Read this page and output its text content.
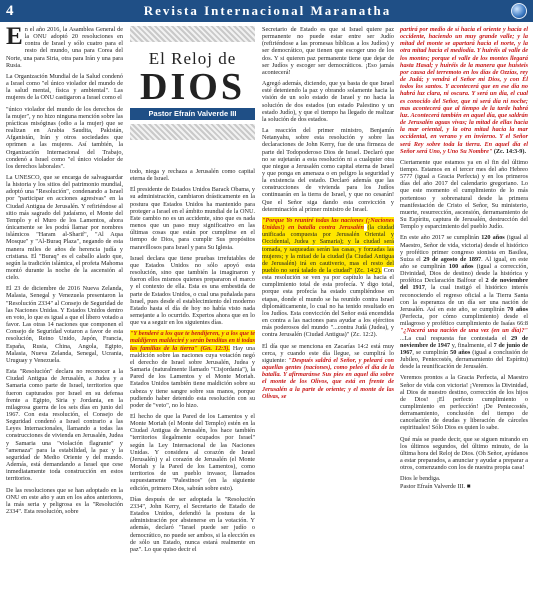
4	Revista Internacional Maranatha

En el año 2016, la Asamblea General de la ONU adoptó 20 resoluciones en contra de Israel y sólo cuatro para el resto del mundo, una para Corea del Norte, una para Siria, otra para Irán y una para Rusia.

La Organización Mundial de la Salud condenó a Israel como "el único violador del mundo de la salud mental, física y ambiental". Las mujeres de la ONU castigaron a Israel como el

"único violador del mundo de los derechos de la mujer", y no hizo ninguna mención sobre las prácticas misóginas (odio a la mujer) que se realizan en Arabia Saudita, Pakistán, Afganistán, Irán y otros sociedades que oprimen a las mujeres. Así también, la Organización Internacional del Trabajo, condenó a Israel como "el único violador de los derechos laborales".

La UNESCO, que se encarga de salvaguardar la historia y los sitios del patrimonio mundial, adoptó una "Resolución", condenando a Israel por "participar en acciones agresivas" en la Ciudad Antigua de Jerusalén. Y refiriéndose al sitio más sagrado del judaísmo, el Monte del Templo y el Muro de los Lamentos, ahora únicamente se les podrá llamar por nombres islámicos "Haram al-Sharif", "Al Aqsa Mosque" y "Al-Buraq Plaza", negando de esta manera miles de años de herencia judía y cristiana. El "Buraq" es el caballo alado que, según la tradición islámica, el profeta Mahoma montó durante la noche de la ascensión al cielo.

El 23 de diciembre de 2016 Nueva Zelanda, Malasia, Senegal y Venezuela presentaron la "Resolución 2334" al Consejo de Seguridad de las Naciones Unidas. Y Estados Unidos dentro en voto, lo que es igual a que el líbero votado a favor. Las otras 14 naciones que componen el Consejo de Seguridad votaron a favor de esta resolución, Reino Unido, Japón, Francia, España, Rusia, China, Angola, Egipto, Malasia, Nueva Zelanda, Senegal, Ucrania, Uruguay y Venezuela.

Esta "Resolución" declara no reconocer a la Ciudad Antigua de Jerusalén, a Judea y a Samaria como parte de Israel, territorios que fueron capturados por Israel en su defensa frente a Egipto, Siria y Jordania, en la milagrosa guerra de los seis días en junio del 1967. Con esta resolución, el Consejo de Seguridad condenó a Israel contrario a las Leyes Internacionales, llamando a todas las construcciones de vivienda en Jerusalén, Judea y Samaria una "violación flagrante" y "amenaza" para la estabilidad, la paz y la seguridad de Medio Oriente y del mundo. Además, está demandando a Israel que cese inmediatamente toda construcción en estos territorios.

De las resoluciones que se han adoptado en la ONU en este año y aun en los años anteriores, la más seria y peligrosa es la "Resolución 2334". Esta resolución, sobre

El Reloj de
DIOS
Pastor Efraín Valverde III

todo, niega y rechaza a Jerusalén como capital eterna de Israel.

El presidente de Estados Unidos Barack Obama, y su administración, cambiaron drásticamente en la postura que Estados Unidos ha mantenido para proteger a Israel en el ámbito mundial de la ONU. Este cambio no es un accidente, sino que es nada menos que un paso muy significativo en las últimas cosas que están por cumplirse en el tiempo de Dios, para cumplir Sus propósitos maravillosos para Israel y para Su Iglesia.

Israel declara que tiene pruebas irrefutables de que Estados Unidos no sólo apoyó esta resolución, sino que también la imaginaron y fueron ellos mismos quienes prepararon el marco y el contexto de ella. Esta es una embestida de parte de Estados Unidos, o cual una puñalada para Israel, pues desde el establecimiento del moderno Estado hasta el día de hoy no había visto nada semejante a lo ocurrido. Expertos ahora que en lo que va a seguir en los siguientes días.

"Y benderé a los que te bendijeren, y a los que te maldijeren maldeciré y serán benditas en ti todas las familias de la tierra" (Gn. 12:3). Hay una maldición sobre las naciones cuya votación negó el derecho de Israel sobre Jerusalén, Judea y Samaria (naturalmente llamado "Cisjordania"), la Pared de los Lamentos y el Monte Moriah. Estados Unidos también tiene maldición sobre su cabeza y tiene sangre sobre sus manos, porque pudiendo haber detenido esta resolución con su poder de "veto", no lo hizo.

El hecho de que la Pared de los Lamentos y el Monte Moriah (el Monte del Templo) estén en la Ciudad Antigua de Jerusalén, los hace también "territorios ilegalmente ocupados por Israel" según la Ley Internacional de las Naciones Unidas. Y considera al corazón de Israel (Jerusalén) y al corazón de Jerusalén (el Monte Moriah y la Pared de los Lamentos), como territorios de un pueblo invasor, llamados supuestamente "Palestinos" (en la siguiente edición, primero Dios, sabrán sobre esto).

Días después de ser adoptada la "Resolución 2334", John Kerry, el Secretario de Estado de Estados Unidos, defendió la postura de la administración por abstenerse en la votación. Y además, declaró "Israel puede ser judío o democrático, no puede ser ambos, si la elección es de sólo un Estado, nunca estará realmente en paz". Lo que quiso decir el

Secretario de Estado es que si Israel quiere paz permanente no puede estar entre ser Judío (refiriéndose a las promesas bíblicas a los Judíos) y ser democrático, que tienen que escoger uno de los dos. Y si quieren paz permanente tiene que dejar de ser Judíos y escoger ser democráticos. ¡Eso jamás acontecerá!

Agregó además, diciendo, que ya basta de que Israel esté deteniendo la paz y obrando solamente hacia la visión de un solo estado de Israel y no hacia la solución de dos estados (un estado Palestino y un estado Judío), y que el tiempo ha llegado de realizar la solución de dos estados.

La reacción del primer ministro, Benjamín Netanyahu, sobre esta resolución y sobre las declaraciones de John Kerry, fue de una firmeza de parte del Todopoderoso Dios de Israel. Declaró que no se sujetarán a esta resolución ni a cualquier otra que niegue a Jerusalén como capital eterna de Israel y que ponga en amenaza o en peligro la seguridad y la existencia del estado. Declaró además que las construcciones de vivienda para los Judíos continuarán en la tierra de Israel, y que no cesarán! Que el Señor siga dando esta convicción y determinación al primer ministro de Israel.

"Porque Yo reuniré todas las naciones (¡Naciones Unidas!) en batalla contra Jerusalén (la ciudad unificada compuesta por Jerusalén Oriental y Occidental, Judea y Samaria); y la ciudad será tomada, y saqueadas serán las casas, y forzadas las mujeres; y la mitad de la ciudad (la Ciudad Antigua de Jerusalén) irá en cautiverio, mas el resto del pueblo no será talado de la ciudad" (Zc. 14:2). Con esta resolución se ven ya por capítulo la hacia el cumplimiento total de esta profecía. Y digo total, porque esta profecía ha estado cumpliéndose en etapas, donde el mundo se ha reunido contra Israel diplomáticamente, lo cual no ha tenido resultado en los Judíos. Esta convicción del Señor está encendida en contra a las naciones para ayudar a los ejércitos más poderosos del mundo "...contra Judá (Judea), y contra Jerusalén (Ciudad Antigua)" (Zc. 12:2).

El día que se menciona en Zacarías 14:2 está muy cerca, y cuando este día llegue, se cumplirá lo siguiente: "Después saldrá el Señor, y peleará con aquellas gentes (naciones), como peleó el día de la batalla. Y afirmaránse Sus pies en aquel día sobre el monte de los Olivos, que está en frente de Jerusalén a la parte de oriente; y el monte de las Olivas, se

partirá por medio de sí hacia el oriente y hacia el occidente, haciendo un muy grande valle; y la mitad del monte se apartará hacia el norte, y la otra mitad hacia el mediodía. Y huiréis al valle de los montes; porque el valle de los montes llegará hasta Hasal; y huiréis de la manera que huisteis por causa del terremoto en los días de Ozzías, rey de Judá; y vendrá el Señor mi Dios, y con Él todos los santos. Y acontecerá que en ese día no habrá luz clara, ni oscura. Y será un día, el cual es conocido del Señor, que ni será día ni noche; mas acontecerá que al tiempo de la tarde habrá luz. Acontecerá también en aquel día, que saldrán de Jerusalén aguas vivas; la mitad de ellas hacia la mar oriental, y la otra mitad hacia la mar occidental, en verano y en invierno. Y el Señor será Rey sobre toda la tierra. En aquel día el Señor será Uno, y Uno Su Nombre" (Zc. 14:3-9).

Ciertamente que estamos ya en el fin del último tiempo. Estamos en el tercer mes del año Hebreo 5777 (igual a Gracia Perfecta) y en los primeros días del año 2017 del calendario gregoriano. Lo que este momento el cumplimiento de lo más portentoso y sobrenatural desde la primera manifestación de Cristo el Señor, Su ministerio, muerte, resurrección, ascensión, derramamiento de Su Espíritu, captura de Jerusalén, destrucción del Templo y esparcimiento del pueblo Judío.

En este año 2017 se cumplirán 120 años (igual al Maestro, Señor de vida, victoria) desde el histórico y profético primer congreso sionista en Basilea, Suiza el 29 de agosto de 1897. Al igual, en este año se cumplirán 100 años (igual a corrección, Divinidad, Dios de destino) desde la histórica y profética Declaración Balfour el 2 de noviembre del 1917, la cual instigó el histórico interés reconociendo el regreso oficial a la Tierra Santa con la esperanza de un día ser una nación de Jerusalén. Así en este año, se cumplirán 70 años (Perfecta, por cómo cumplimiento) desde el milagroso y profético cumplimiento de Isaías 66:8 "¿Nacerá una nación de una vez (en un día)?" ...La cual respuesta fue contestada el 29 de noviembre de 1947 y, finalmente, el 7 de junio de 1967, se cumplirán 50 años (igual a conclusión de Jubileo, Pentecostés, derramamiento del Espíritu) desde la reunificación de Jerusalén.

Veremos prontos a la Gracia Perfecta, al Maestro Señor de vida con victoria! ¡Veremos la Divinidad, al Dios de nuestro destino, corrección de los hijos de Dios! ¡El perfecto cumplimiento o cumplimiento en perfección! ¡De Pentecostés, derramamiento, conclusión del tiempo de cancelación de deudas y liberación de cárceles espirituales! Sólo Dios es quien lo sabe.

Qué más se puede decir, que se siguen mirando en los últimos segundos, del último minuto, de la última hora del Reloj de Dios. (Oh Señor, ayúdanos a estar preparados, a anunciar y ayudar a preparar a otros, comenzando con los de nuestra propia casa!

Dios le bendiga.
Pastor Efraín Valverde III. ■
